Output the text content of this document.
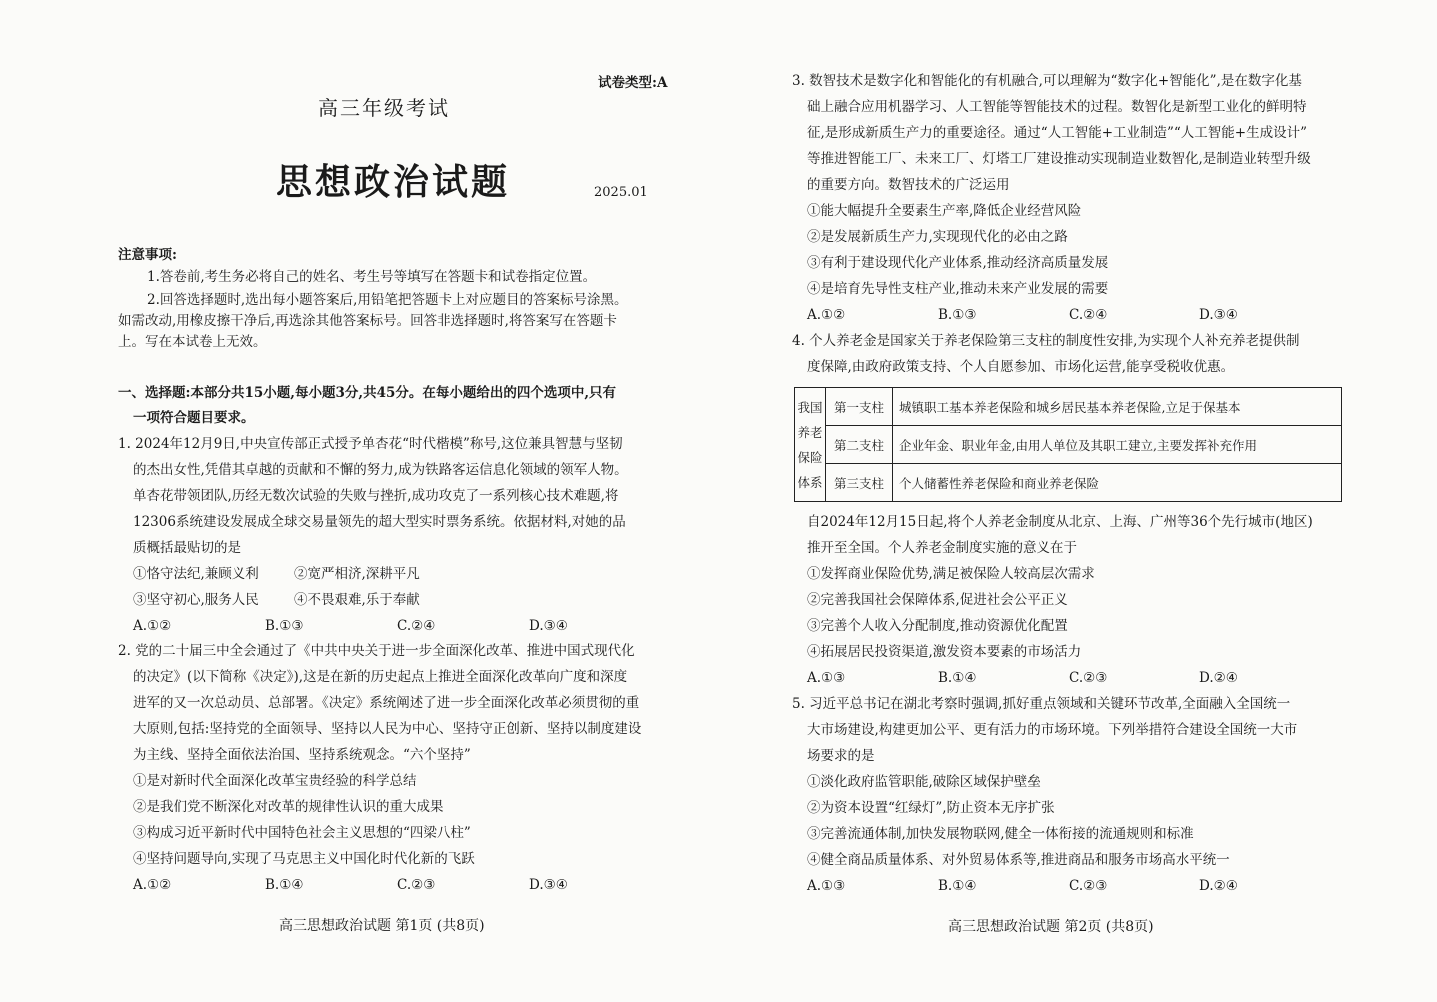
试卷类型:A
高三年级考试
思想政治试题	2025.01
注意事项:
1.答卷前,考生务必将自己的姓名、考生号等填写在答题卡和试卷指定位置。
2.回答选择题时,选出每小题答案后,用铅笔把答题卡上对应题目的答案标号涂黑。
如需改动,用橡皮擦干净后,再选涂其他答案标号。回答非选择题时,将答案写在答题卡
上。写在本试卷上无效。
一、选择题:本部分共15小题,每小题3分,共45分。在每小题给出的四个选项中,只有
一项符合题目要求。
1. 2024年12月9日,中央宣传部正式授予单杏花“时代楷模”称号,这位兼具智慧与坚韧
的杰出女性,凭借其卓越的贡献和不懈的努力,成为铁路客运信息化领域的领军人物。
单杏花带领团队,历经无数次试验的失败与挫折,成功攻克了一系列核心技术难题,将
12306系统建设发展成全球交易量领先的超大型实时票务系统。依据材料,对她的品
质概括最贴切的是
①恪守法纪,兼顾义利	②宽严相济,深耕平凡
③坚守初心,服务人民	④不畏艰难,乐于奉献
A.①②	B.①③	C.②④	D.③④
2. 党的二十届三中全会通过了《中共中央关于进一步全面深化改革、推进中国式现代化
的决定》(以下简称《决定》),这是在新的历史起点上推进全面深化改革向广度和深度
进军的又一次总动员、总部署。《决定》系统阐述了进一步全面深化改革必须贯彻的重
大原则,包括:坚持党的全面领导、坚持以人民为中心、坚持守正创新、坚持以制度建设
为主线、坚持全面依法治国、坚持系统观念。“六个坚持”
①是对新时代全面深化改革宝贵经验的科学总结
②是我们党不断深化对改革的规律性认识的重大成果
③构成习近平新时代中国特色社会主义思想的“四梁八柱”
④坚持问题导向,实现了马克思主义中国化时代化新的飞跃
A.①②	B.①④	C.②③	D.③④
高三思想政治试题 第1页 (共8页)
3. 数智技术是数字化和智能化的有机融合,可以理解为“数字化+智能化”,是在数字化基
础上融合应用机器学习、人工智能等智能技术的过程。数智化是新型工业化的鲜明特
征,是形成新质生产力的重要途径。通过“人工智能+工业制造”“人工智能+生成设计”
等推进智能工厂、未来工厂、灯塔工厂建设推动实现制造业数智化,是制造业转型升级
的重要方向。数智技术的广泛运用
①能大幅提升全要素生产率,降低企业经营风险
②是发展新质生产力,实现现代化的必由之路
③有利于建设现代化产业体系,推动经济高质量发展
④是培育先导性支柱产业,推动未来产业发展的需要
A.①②	B.①③	C.②④	D.③④
4. 个人养老金是国家关于养老保险第三支柱的制度性安排,为实现个人补充养老提供制
度保障,由政府政策支持、个人自愿参加、市场化运营,能享受税收优惠。
我国
养老
保险
体系	第一支柱	城镇职工基本养老保险和城乡居民基本养老保险,立足于保基本
	第二支柱	企业年金、职业年金,由用人单位及其职工建立,主要发挥补充作用
	第三支柱	个人储蓄性养老保险和商业养老保险
自2024年12月15日起,将个人养老金制度从北京、上海、广州等36个先行城市(地区)
推开至全国。个人养老金制度实施的意义在于
①发挥商业保险优势,满足被保险人较高层次需求
②完善我国社会保障体系,促进社会公平正义
③完善个人收入分配制度,推动资源优化配置
④拓展居民投资渠道,激发资本要素的市场活力
A.①③	B.①④	C.②③	D.②④
5. 习近平总书记在湖北考察时强调,抓好重点领域和关键环节改革,全面融入全国统一
大市场建设,构建更加公平、更有活力的市场环境。下列举措符合建设全国统一大市
场要求的是
①淡化政府监管职能,破除区域保护壁垒
②为资本设置“红绿灯”,防止资本无序扩张
③完善流通体制,加快发展物联网,健全一体衔接的流通规则和标准
④健全商品质量体系、对外贸易体系等,推进商品和服务市场高水平统一
A.①③	B.①④	C.②③	D.②④
高三思想政治试题 第2页 (共8页)
